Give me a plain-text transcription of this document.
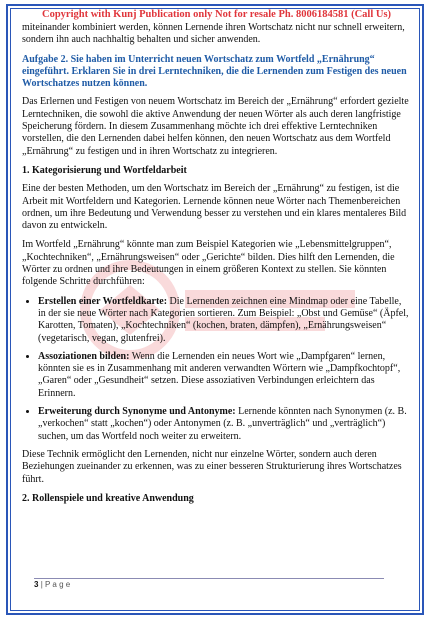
Copyright with Kunj Publication only Not for resale Ph. 8006184581 (Call Us)

miteinander kombiniert werden, können Lernende ihren Wortschatz nicht nur schnell erweitern, sondern ihn auch nachhaltig behalten und sicher anwenden.

Aufgabe 2. Sie haben im Unterricht neuen Wortschatz zum Wortfeld „Ernährung“ eingeführt. Erklaren Sie in drei Lerntechniken, die die Lernenden zum Festigen des neuen Wortschatzes nutzen können.

Das Erlernen und Festigen von neuem Wortschatz im Bereich der „Ernährung“ erfordert gezielte Lerntechniken, die sowohl die aktive Anwendung der neuen Wörter als auch deren langfristige Speicherung fördern. In diesem Zusammenhang möchte ich drei effektive Lerntechniken vorstellen, die den Lernenden dabei helfen können, den neuen Wortschatz aus dem Wortfeld „Ernährung“ zu festigen und in ihren Wortschatz zu integrieren.

1. Kategorisierung und Wortfeldarbeit

Eine der besten Methoden, um den Wortschatz im Bereich der „Ernährung“ zu festigen, ist die Arbeit mit Wortfeldern und Kategorien. Lernende können neue Wörter nach Themenbereichen ordnen, um ihre Bedeutung und Verwendung besser zu verstehen und ein klares mentaleres Bild davon zu entwickeln.

Im Wortfeld „Ernährung“ könnte man zum Beispiel Kategorien wie „Lebensmittelgruppen“, „Kochtechniken“, „Ernährungsweisen“ oder „Gerichte“ bilden. Dies hilft den Lernenden, die Wörter zu ordnen und ihre Bedeutungen in einem größeren Kontext zu stellen. Sie könnten folgende Schritte durchführen:

• Erstellen einer Wortfeldkarte: Die Lernenden zeichnen eine Mindmap oder eine Tabelle, in der sie neue Wörter nach Kategorien sortieren. Zum Beispiel: „Obst und Gemüse“ (Äpfel, Karotten, Tomaten), „Kochtechniken“ (kochen, braten, dämpfen), „Ernährungsweisen“ (vegetarisch, vegan, glutenfrei).
• Assoziationen bilden: Wenn die Lernenden ein neues Wort wie „Dampfgaren“ lernen, könnten sie es in Zusammenhang mit anderen verwandten Wörtern wie „Dampfkochtopf“, „Garen“ oder „Gesundheit“ setzen. Diese assoziativen Verbindungen erleichtern das Erinnern.
• Erweiterung durch Synonyme und Antonyme: Lernende könnten nach Synonymen (z. B. „verkochen“ statt „kochen“) oder Antonymen (z. B. „unverträglich“ und „verträglich“) suchen, um das Wortfeld noch weiter zu erweitern.

Diese Technik ermöglicht den Lernenden, nicht nur einzelne Wörter, sondern auch deren Beziehungen zueinander zu erkennen, was zu einer besseren Strukturierung ihres Wortschatzes führt.

2. Rollenspiele und kreative Anwendung
3 | P a g e
